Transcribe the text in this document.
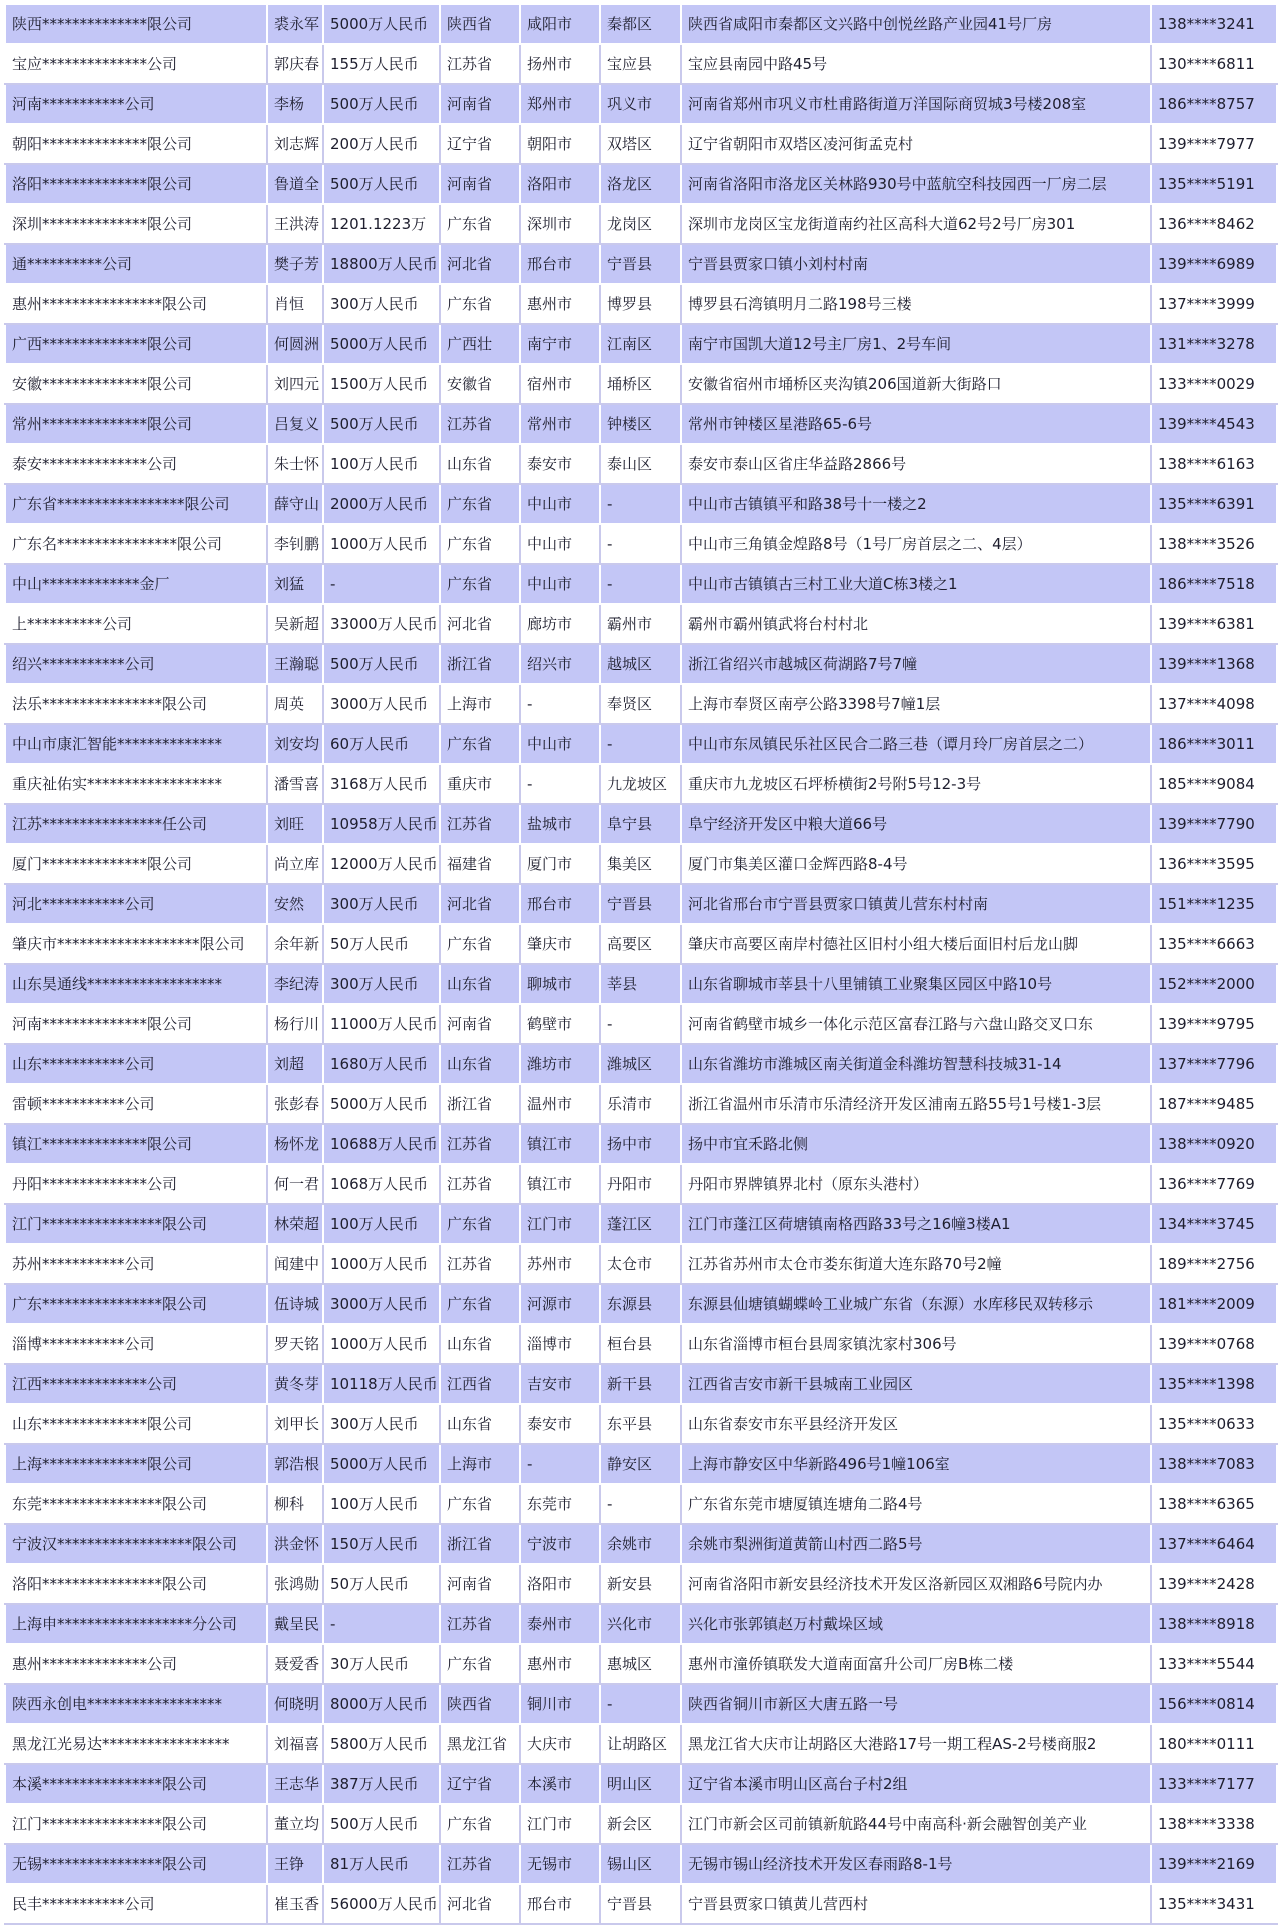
陕西**************限公司	裘永军	5000万人民币	陕西省	咸阳市	秦都区	陕西省咸阳市秦都区文兴路中创悦丝路产业园41号厂房	138****3241
宝应**************公司	郭庆春	155万人民币	江苏省	扬州市	宝应县	宝应县南园中路45号	130****6811
河南***********公司	李杨	500万人民币	河南省	郑州市	巩义市	河南省郑州市巩义市杜甫路街道万洋国际商贸城3号楼208室	186****8757
朝阳**************限公司	刘志辉	200万人民币	辽宁省	朝阳市	双塔区	辽宁省朝阳市双塔区凌河街孟克村	139****7977
洛阳**************限公司	鲁道全	500万人民币	河南省	洛阳市	洛龙区	河南省洛阳市洛龙区关林路930号中蓝航空科技园西一厂房二层	135****5191
深圳**************限公司	王洪涛	1201.1223万	广东省	深圳市	龙岗区	深圳市龙岗区宝龙街道南约社区高科大道62号2号厂房301	136****8462
通**********公司	樊子芳	18800万人民币	河北省	邢台市	宁晋县	宁晋县贾家口镇小刘村村南	139****6989
惠州****************限公司	肖恒	300万人民币	广东省	惠州市	博罗县	博罗县石湾镇明月二路198号三楼	137****3999
广西**************限公司	何圆洲	5000万人民币	广西壮	南宁市	江南区	南宁市国凯大道12号主厂房1、2号车间	131****3278
安徽**************限公司	刘四元	1500万人民币	安徽省	宿州市	埇桥区	安徽省宿州市埇桥区夹沟镇206国道新大街路口	133****0029
常州**************限公司	吕复义	500万人民币	江苏省	常州市	钟楼区	常州市钟楼区星港路65-6号	139****4543
泰安**************公司	朱士怀	100万人民币	山东省	泰安市	泰山区	泰安市泰山区省庄华益路2866号	138****6163
广东省*****************限公司	薛守山	2000万人民币	广东省	中山市	-	中山市古镇镇平和路38号十一楼之2	135****6391
广东名****************限公司	李钊鹏	1000万人民币	广东省	中山市	-	中山市三角镇金煌路8号（1号厂房首层之二、4层）	138****3526
中山*************金厂	刘猛	-	广东省	中山市	-	中山市古镇镇古三村工业大道C栋3楼之1	186****7518
上**********公司	吴新超	33000万人民币	河北省	廊坊市	霸州市	霸州市霸州镇武将台村村北	139****6381
绍兴***********公司	王瀚聪	500万人民币	浙江省	绍兴市	越城区	浙江省绍兴市越城区荷湖路7号7幢	139****1368
法乐****************限公司	周英	3000万人民币	上海市	-	奉贤区	上海市奉贤区南亭公路3398号7幢1层	137****4098
中山市康汇智能**************	刘安均	60万人民币	广东省	中山市	-	中山市东凤镇民乐社区民合二路三巷（谭月玲厂房首层之二）	186****3011
重庆祉佑实******************	潘雪喜	3168万人民币	重庆市	-	九龙坡区	重庆市九龙坡区石坪桥横街2号附5号12-3号	185****9084
江苏****************任公司	刘旺	10958万人民币	江苏省	盐城市	阜宁县	阜宁经济开发区中粮大道66号	139****7790
厦门**************限公司	尚立库	12000万人民币	福建省	厦门市	集美区	厦门市集美区灌口金辉西路8-4号	136****3595
河北***********公司	安然	300万人民币	河北省	邢台市	宁晋县	河北省邢台市宁晋县贾家口镇黄儿营东村村南	151****1235
肇庆市*******************限公司	余年新	50万人民币	广东省	肇庆市	高要区	肇庆市高要区南岸村德社区旧村小组大楼后面旧村后龙山脚	135****6663
山东昊通线******************	李纪涛	300万人民币	山东省	聊城市	莘县	山东省聊城市莘县十八里铺镇工业聚集区园区中路10号	152****2000
河南**************限公司	杨行川	11000万人民币	河南省	鹤壁市	-	河南省鹤壁市城乡一体化示范区富春江路与六盘山路交叉口东	139****9795
山东***********公司	刘超	1680万人民币	山东省	潍坊市	潍城区	山东省潍坊市潍城区南关街道金科潍坊智慧科技城31-14	137****7796
雷顿***********公司	张彭春	5000万人民币	浙江省	温州市	乐清市	浙江省温州市乐清市乐清经济开发区浦南五路55号1号楼1-3层	187****9485
镇江**************限公司	杨怀龙	10688万人民币	江苏省	镇江市	扬中市	扬中市宜禾路北侧	138****0920
丹阳**************公司	何一君	1068万人民币	江苏省	镇江市	丹阳市	丹阳市界牌镇界北村（原东头港村）	136****7769
江门****************限公司	林荣超	100万人民币	广东省	江门市	蓬江区	江门市蓬江区荷塘镇南格西路33号之16幢3楼A1	134****3745
苏州***********公司	闻建中	1000万人民币	江苏省	苏州市	太仓市	江苏省苏州市太仓市娄东街道大连东路70号2幢	189****2756
广东****************限公司	伍诗城	3000万人民币	广东省	河源市	东源县	东源县仙塘镇蝴蝶岭工业城广东省（东源）水库移民双转移示	181****2009
淄博***********公司	罗天铭	1000万人民币	山东省	淄博市	桓台县	山东省淄博市桓台县周家镇沈家村306号	139****0768
江西**************公司	黄冬芽	10118万人民币	江西省	吉安市	新干县	江西省吉安市新干县城南工业园区	135****1398
山东**************限公司	刘甲长	300万人民币	山东省	泰安市	东平县	山东省泰安市东平县经济开发区	135****0633
上海**************限公司	郭浩根	5000万人民币	上海市	-	静安区	上海市静安区中华新路496号1幢106室	138****7083
东莞****************限公司	柳科	100万人民币	广东省	东莞市	-	广东省东莞市塘厦镇连塘角二路4号	138****6365
宁波汉******************限公司	洪金怀	150万人民币	浙江省	宁波市	余姚市	余姚市梨洲街道黄箭山村西二路5号	137****6464
洛阳****************限公司	张鸿勋	50万人民币	河南省	洛阳市	新安县	河南省洛阳市新安县经济技术开发区洛新园区双湘路6号院内办	139****2428
上海申******************分公司	戴呈民	-	江苏省	泰州市	兴化市	兴化市张郭镇赵万村戴垛区域	138****8918
惠州**************公司	聂爱香	30万人民币	广东省	惠州市	惠城区	惠州市潼侨镇联发大道南面富升公司厂房B栋二楼	133****5544
陕西永创电******************	何晓明	8000万人民币	陕西省	铜川市	-	陕西省铜川市新区大唐五路一号	156****0814
黑龙江光易达*****************	刘福喜	5800万人民币	黑龙江省	大庆市	让胡路区	黑龙江省大庆市让胡路区大港路17号一期工程AS-2号楼商服2	180****0111
本溪****************限公司	王志华	387万人民币	辽宁省	本溪市	明山区	辽宁省本溪市明山区高台子村2组	133****7177
江门****************限公司	董立均	500万人民币	广东省	江门市	新会区	江门市新会区司前镇新航路44号中南高科·新会融智创美产业	138****3338
无锡****************限公司	王铮	81万人民币	江苏省	无锡市	锡山区	无锡市锡山经济技术开发区春雨路8-1号	139****2169
民丰***********公司	崔玉香	56000万人民币	河北省	邢台市	宁晋县	宁晋县贾家口镇黄儿营西村	135****3431
